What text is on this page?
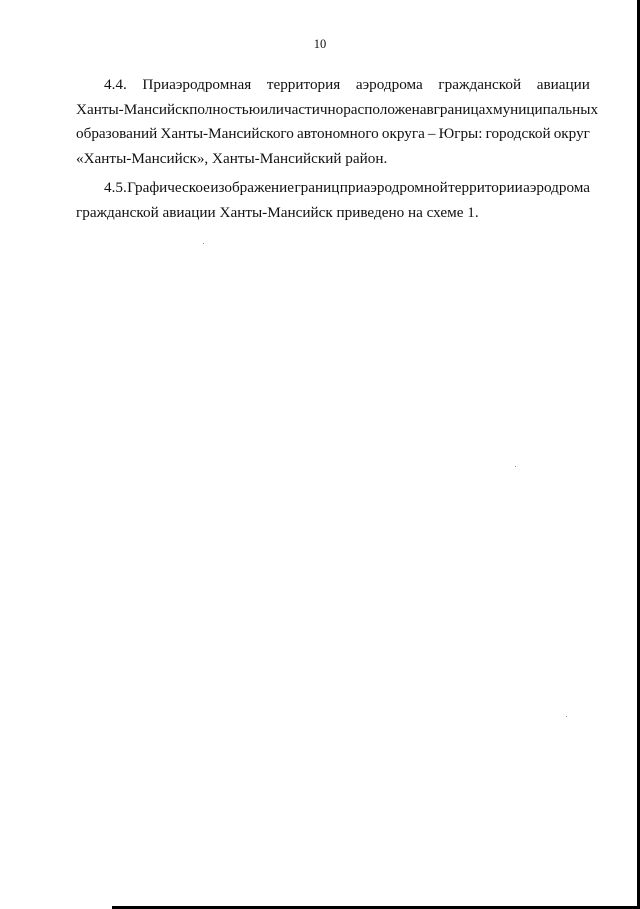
10
4.4. Приаэродромная территория аэродрома гражданской авиации
Ханты-Мансийск полностью или частично расположена в границах муниципальных
образований Ханты-Мансийского автономного округа – Югры: городской округ
«Ханты-Мансийск», Ханты-Мансийский район.
4.5. Графическое изображение границ приаэродромной территории аэродрома
гражданской авиации Ханты-Мансийск приведено на схеме 1.
